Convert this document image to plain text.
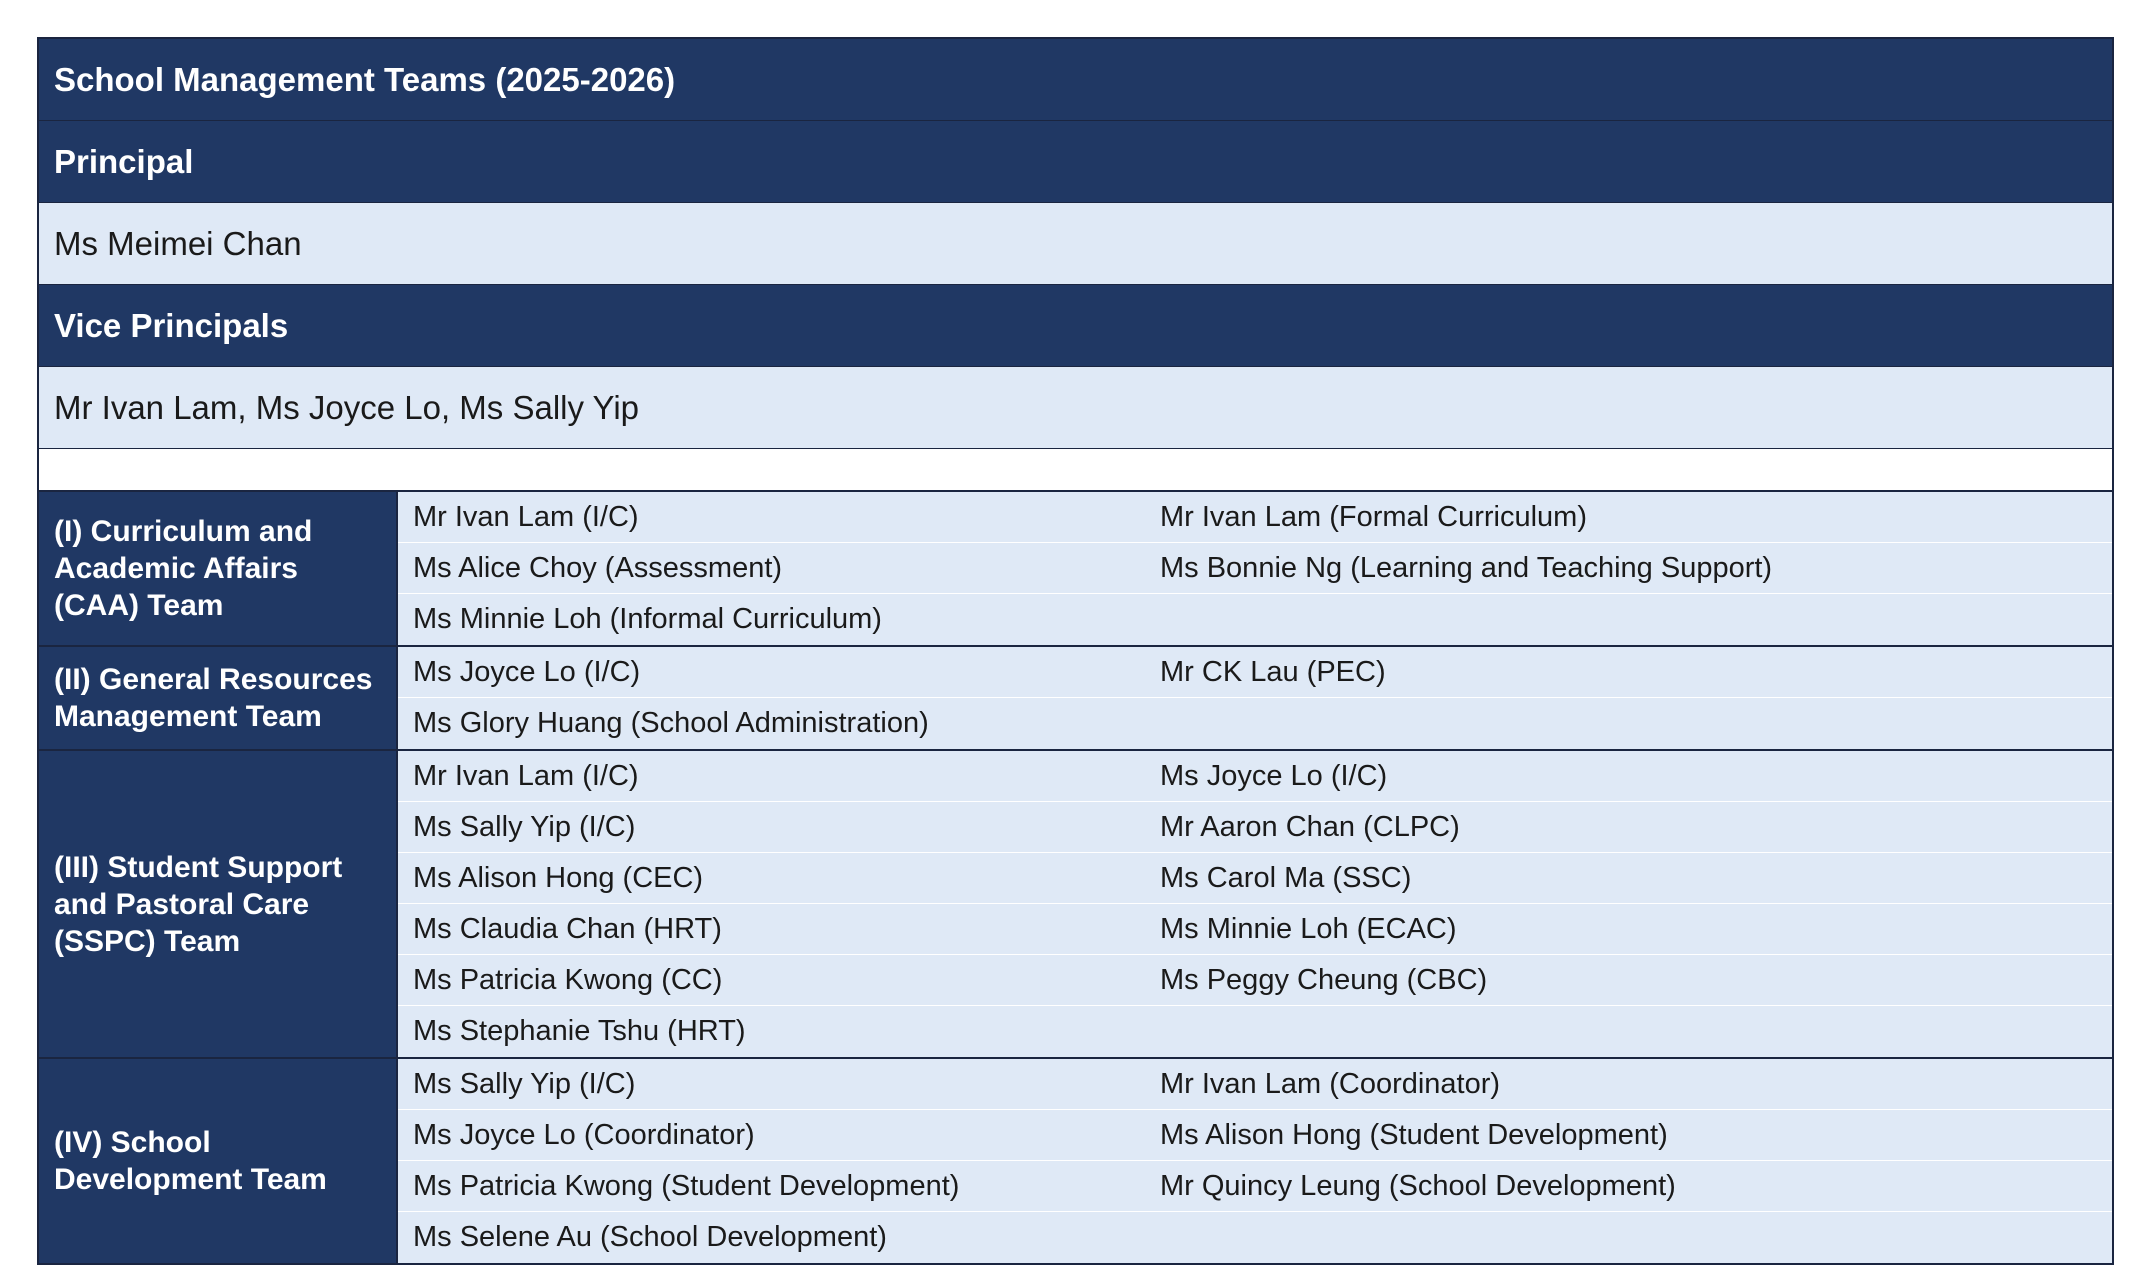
School Management Teams (2025-2026)
Principal
Ms Meimei Chan
Vice Principals
Mr Ivan Lam, Ms Joyce Lo, Ms Sally Yip
(I) Curriculum and Academic Affairs (CAA) Team
Mr Ivan Lam (I/C)	Mr Ivan Lam (Formal Curriculum)
Ms Alice Choy (Assessment)	Ms Bonnie Ng (Learning and Teaching Support)
Ms Minnie Loh (Informal Curriculum)
(II) General Resources Management Team
Ms Joyce Lo (I/C)	Mr CK Lau (PEC)
Ms Glory Huang (School Administration)
(III) Student Support and Pastoral Care (SSPC) Team
Mr Ivan Lam (I/C)	Ms Joyce Lo (I/C)
Ms Sally Yip (I/C)	Mr Aaron Chan (CLPC)
Ms Alison Hong (CEC)	Ms Carol Ma (SSC)
Ms Claudia Chan (HRT)	Ms Minnie Loh (ECAC)
Ms Patricia Kwong (CC)	Ms Peggy Cheung (CBC)
Ms Stephanie Tshu (HRT)
(IV) School Development Team
Ms Sally Yip (I/C)	Mr Ivan Lam (Coordinator)
Ms Joyce Lo (Coordinator)	Ms Alison Hong (Student Development)
Ms Patricia Kwong (Student Development)	Mr Quincy Leung (School Development)
Ms Selene Au (School Development)
